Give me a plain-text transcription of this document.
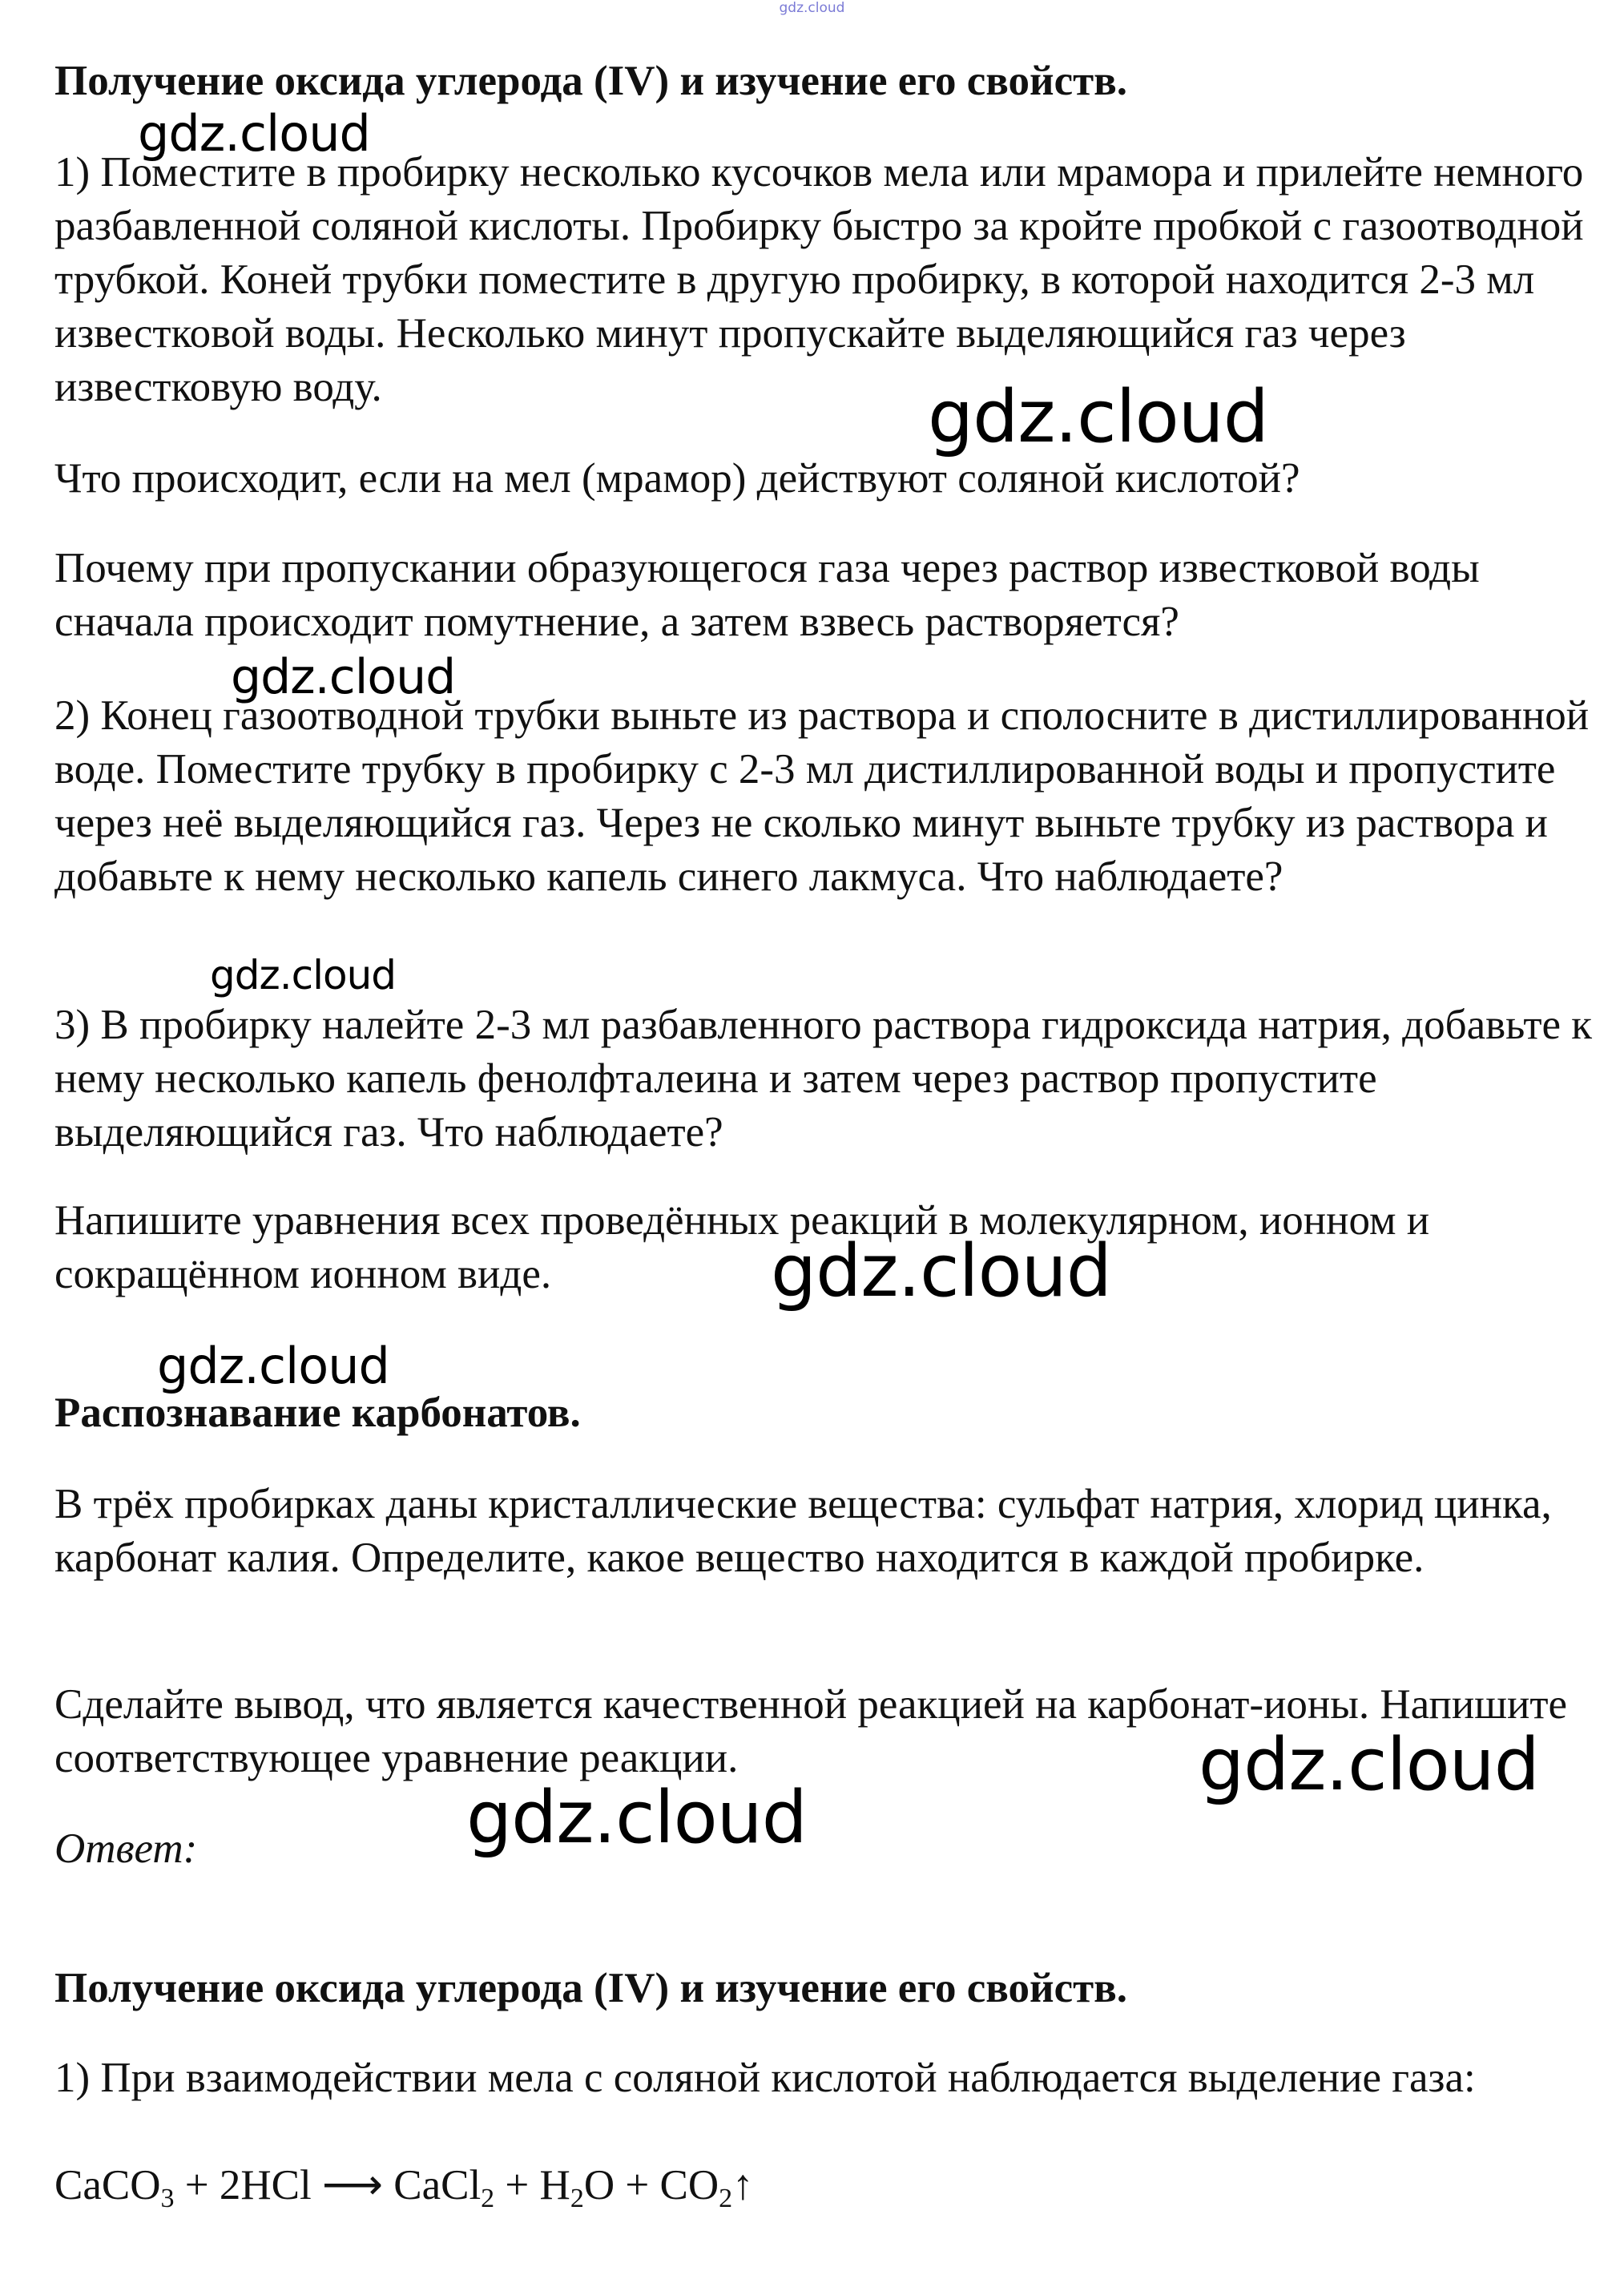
gdz.cloud

Получение оксида углерода (IV) и изучение его свойств.

1) Поместите в пробирку несколько кусочков мела или мрамора и прилейте немного разбавленной соляной кислоты. Пробирку быстро за кройте пробкой с газоотводной трубкой. Коней трубки поместите в другую пробирку, в которой находится 2-3 мл известковой воды. Несколько минут пропускайте выделяющийся газ через известковую воду.

Что происходит, если на мел (мрамор) действуют соляной кислотой?

Почему при пропускании образующегося газа через раствор известковой воды сначала происходит помутнение, а затем взвесь растворяется?

2) Конец газоотводной трубки выньте из раствора и сполосните в дистиллированной воде. Поместите трубку в пробирку с 2-3 мл дистиллированной воды и пропустите через неё выделяющийся газ. Через не сколько минут выньте трубку из раствора и добавьте к нему несколько капель синего лакмуса. Что наблюдаете?

3) В пробирку налейте 2-3 мл разбавленного раствора гидроксида натрия, добавьте к нему несколько капель фенолфталеина и затем через раствор пропустите выделяющийся газ. Что наблюдаете?

Напишите уравнения всех проведённых реакций в молекулярном, ионном и сокращённом ионном виде.

Распознавание карбонатов.

В трёх пробирках даны кристаллические вещества: сульфат натрия, хлорид цинка, карбонат калия. Определите, какое вещество находится в каждой пробирке.

Сделайте вывод, что является качественной реакцией на карбонат-ионы. Напишите соответствующее уравнение реакции.

Ответ:

Получение оксида углерода (IV) и изучение его свойств.

1) При взаимодействии мела с соляной кислотой наблюдается выделение газа:

CaCO$_3$ + 2HCl ⟶ CaCl$_2$ + $H_2O$ + $CO_2↑$

gdz.cloud
gdz.cloud
gdz.cloud
gdz.cloud
gdz.cloud
gdz.cloud
gdz.cloud
gdz.cloud
